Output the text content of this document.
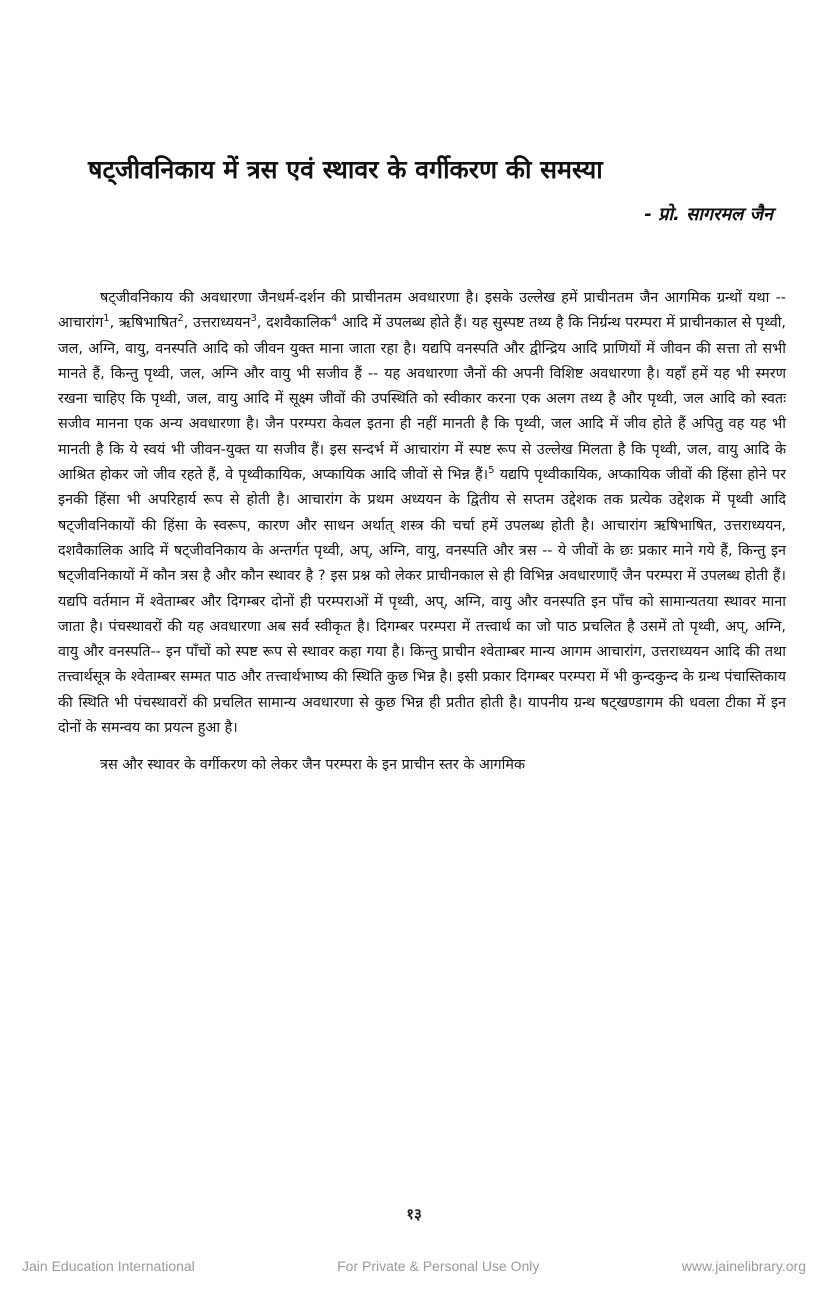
षट्जीवनिकाय में त्रस एवं स्थावर के वर्गीकरण की समस्या
- प्रो. सागरमल जैन

षट्जीवनिकाय की अवधारणा जैनधर्म-दर्शन की प्राचीनतम अवधारणा है। इसके उल्लेख हमें प्राचीनतम जैन आगमिक ग्रन्थों यथा -- आचारांग$^1$, ऋषिभाषित$^2$, उत्तराध्ययन$^3$, दशवैकालिक$^4$ आदि में उपलब्ध होते हैं। यह सुस्पष्ट तथ्य है कि निर्ग्रन्थ परम्परा में प्राचीनकाल से पृथ्वी, जल, अग्नि, वायु, वनस्पति आदि को जीवन युक्त माना जाता रहा है। यद्यपि वनस्पति और द्वीन्द्रिय आदि प्राणियों में जीवन की सत्ता तो सभी मानते हैं, किन्तु पृथ्वी, जल, अग्नि और वायु भी सजीव हैं -- यह अवधारणा जैनों की अपनी विशिष्ट अवधारणा है। यहाँ हमें यह भी स्मरण रखना चाहिए कि पृथ्वी, जल, वायु आदि में सूक्ष्म जीवों की उपस्थिति को स्वीकार करना एक अलग तथ्य है और पृथ्वी, जल आदि को स्वतः सजीव मानना एक अन्य अवधारणा है। जैन परम्परा केवल इतना ही नहीं मानती है कि पृथ्वी, जल आदि में जीव होते हैं अपितु वह यह भी मानती है कि ये स्वयं भी जीवन-युक्त या सजीव हैं। इस सन्दर्भ में आचारांग में स्पष्ट रूप से उल्लेख मिलता है कि पृथ्वी, जल, वायु आदि के आश्रित होकर जो जीव रहते हैं, वे पृथ्वीकायिक, अप्कायिक आदि जीवों से भिन्न हैं।$^5$ यद्यपि पृथ्वीकायिक, अप्कायिक जीवों की हिंसा होने पर इनकी हिंसा भी अपरिहार्य रूप से होती है। आचारांग के प्रथम अध्ययन के द्वितीय से सप्तम उद्देशक तक प्रत्येक उद्देशक में पृथ्वी आदि षट्जीवनिकायों की हिंसा के स्वरूप, कारण और साधन अर्थात् शस्त्र की चर्चा हमें उपलब्ध होती है। आचारांग ऋषिभाषित, उत्तराध्ययन, दशवैकालिक आदि में षट्जीवनिकाय के अन्तर्गत पृथ्वी, अप्, अग्नि, वायु, वनस्पति और त्रस -- ये जीवों के छः प्रकार माने गये हैं, किन्तु इन षट्जीवनिकायों में कौन त्रस है और कौन स्थावर है ? इस प्रश्न को लेकर प्राचीनकाल से ही विभिन्न अवधारणाएँ जैन परम्परा में उपलब्ध होती हैं। यद्यपि वर्तमान में श्वेताम्बर और दिगम्बर दोनों ही परम्पराओं में पृथ्वी, अप्, अग्नि, वायु और वनस्पति इन पाँच को सामान्यतया स्थावर माना जाता है। पंचस्थावरों की यह अवधारणा अब सर्व स्वीकृत है। दिगम्बर परम्परा में तत्त्वार्थ का जो पाठ प्रचलित है उसमें तो पृथ्वी, अप्, अग्नि, वायु और वनस्पति-- इन पाँचों को स्पष्ट रूप से स्थावर कहा गया है। किन्तु प्राचीन श्वेताम्बर मान्य आगम आचारांग, उत्तराध्ययन आदि की तथा तत्त्वार्थसूत्र के श्वेताम्बर सम्मत पाठ और तत्त्वार्थभाष्य की स्थिति कुछ भिन्न है। इसी प्रकार दिगम्बर परम्परा में भी कुन्दकुन्द के ग्रन्थ पंचास्तिकाय की स्थिति भी पंचस्थावरों की प्रचलित सामान्य अवधारणा से कुछ भिन्न ही प्रतीत होती है। यापनीय ग्रन्थ षट्खण्डागम की धवला टीका में इन दोनों के समन्वय का प्रयत्न हुआ है।

त्रस और स्थावर के वर्गीकरण को लेकर जैन परम्परा के इन प्राचीन स्तर के आगमिक

१३
Jain Education International	For Private & Personal Use Only	www.jainelibrary.org
